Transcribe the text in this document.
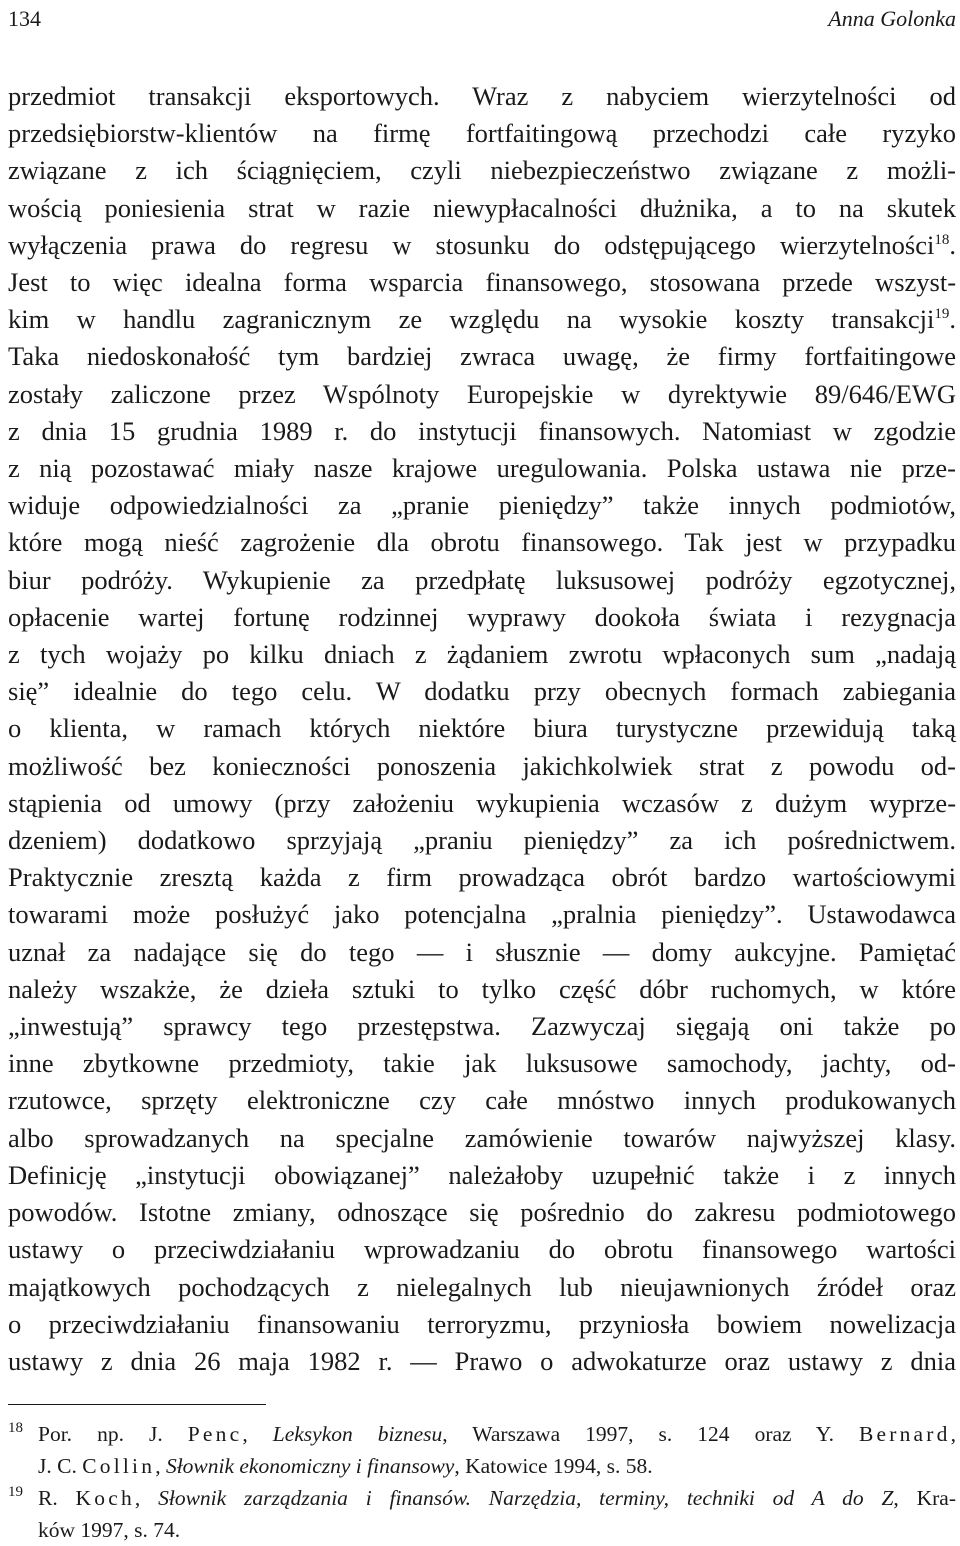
134	Anna Golonka
przedmiot transakcji eksportowych. Wraz z nabyciem wierzytelności od
przedsiębiorstw-klientów na firmę fortfaitingową przechodzi całe ryzyko
związane z ich ściągnięciem, czyli niebezpieczeństwo związane z możli-
wością poniesienia strat w razie niewypłacalności dłużnika, a to na skutek
wyłączenia prawa do regresu w stosunku do odstępującego wierzytelności$^{18}$.
Jest to więc idealna forma wsparcia finansowego, stosowana przede wszyst-
kim w handlu zagranicznym ze względu na wysokie koszty transakcji$^{19}$.
Taka niedoskonałość tym bardziej zwraca uwagę, że firmy fortfaitingowe
zostały zaliczone przez Wspólnoty Europejskie w dyrektywie 89/646/EWG
z dnia 15 grudnia 1989 r. do instytucji finansowych. Natomiast w zgodzie
z nią pozostawać miały nasze krajowe uregulowania. Polska ustawa nie prze-
widuje odpowiedzialności za „pranie pieniędzy” także innych podmiotów,
które mogą nieść zagrożenie dla obrotu finansowego. Tak jest w przypadku
biur podróży. Wykupienie za przedpłatę luksusowej podróży egzotycznej,
opłacenie wartej fortunę rodzinnej wyprawy dookoła świata i rezygnacja
z tych wojaży po kilku dniach z żądaniem zwrotu wpłaconych sum „nadają
się” idealnie do tego celu. W dodatku przy obecnych formach zabiegania
o klienta, w ramach których niektóre biura turystyczne przewidują taką
możliwość bez konieczności ponoszenia jakichkolwiek strat z powodu od-
stąpienia od umowy (przy założeniu wykupienia wczasów z dużym wyprze-
dzeniem) dodatkowo sprzyjają „praniu pieniędzy” za ich pośrednictwem.
Praktycznie zresztą każda z firm prowadząca obrót bardzo wartościowymi
towarami może posłużyć jako potencjalna „pralnia pieniędzy”. Ustawodawca
uznał za nadające się do tego — i słusznie — domy aukcyjne. Pamiętać
należy wszakże, że dzieła sztuki to tylko część dóbr ruchomych, w które
„inwestują” sprawcy tego przestępstwa. Zazwyczaj sięgają oni także po
inne zbytkowne przedmioty, takie jak luksusowe samochody, jachty, od-
rzutowce, sprzęty elektroniczne czy całe mnóstwo innych produkowanych
albo sprowadzanych na specjalne zamówienie towarów najwyższej klasy.
Definicję „instytucji obowiązanej” należałoby uzupełnić także i z innych
powodów. Istotne zmiany, odnoszące się pośrednio do zakresu podmiotowego
ustawy o przeciwdziałaniu wprowadzaniu do obrotu finansowego wartości
majątkowych pochodzących z nielegalnych lub nieujawnionych źródeł oraz
o przeciwdziałaniu finansowaniu terroryzmu, przyniosła bowiem nowelizacja
ustawy z dnia 26 maja 1982 r. — Prawo o adwokaturze oraz ustawy z dnia
18 Por. np. J. Penc, Leksykon biznesu, Warszawa 1997, s. 124 oraz Y. Bernard,
J. C. Collin, Słownik ekonomiczny i finansowy, Katowice 1994, s. 58.
19 R. Koch, Słownik zarządzania i finansów. Narzędzia, terminy, techniki od A do Z, Kra-
ków 1997, s. 74.
